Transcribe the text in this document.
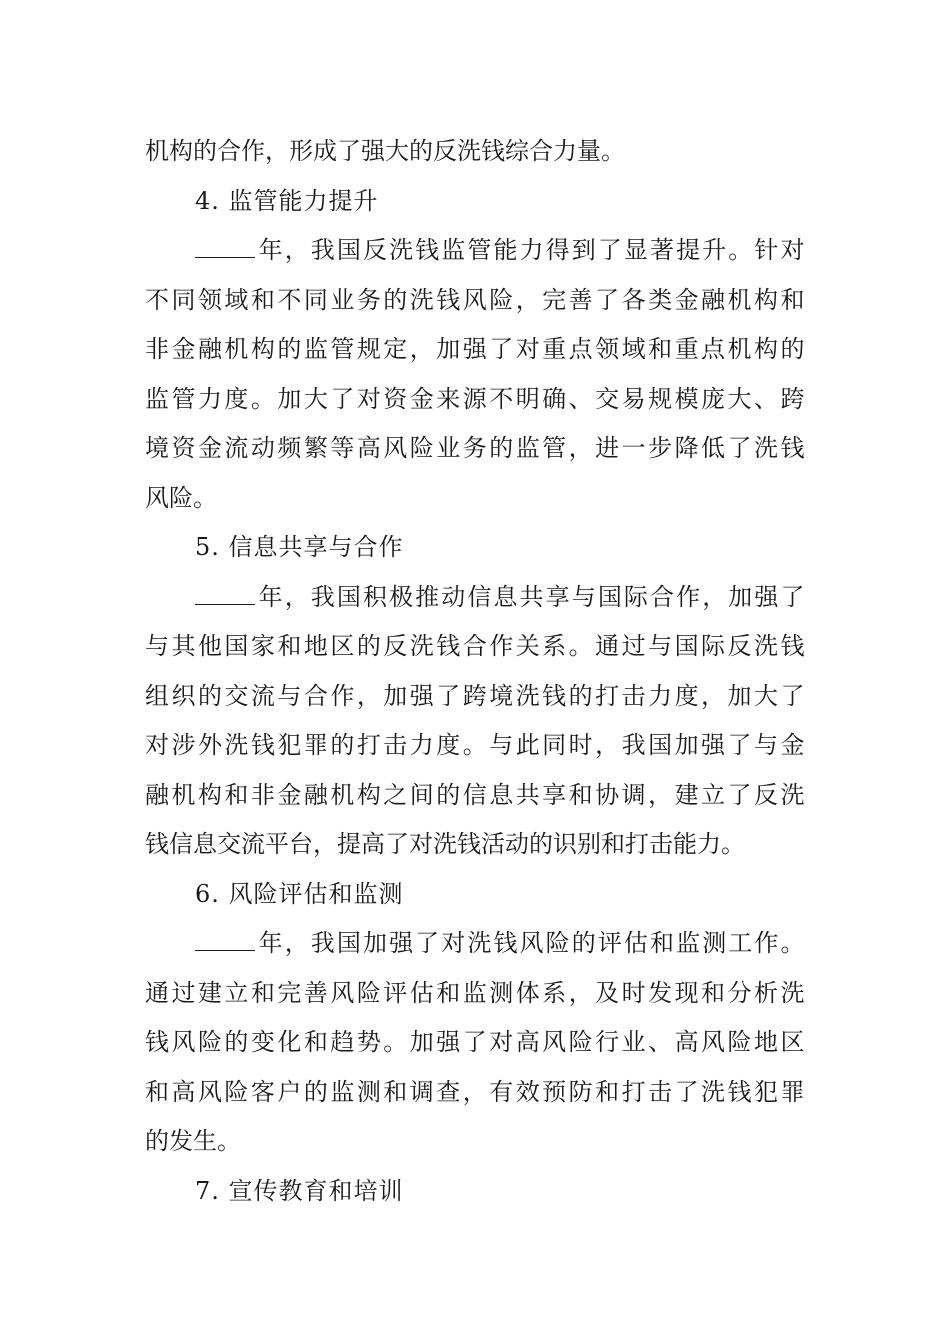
机构的合作，形成了强大的反洗钱综合力量。
4. 监管能力提升
年，我国反洗钱监管能力得到了显著提升。针对
不同领域和不同业务的洗钱风险，完善了各类金融机构和
非金融机构的监管规定，加强了对重点领域和重点机构的
监管力度。加大了对资金来源不明确、交易规模庞大、跨
境资金流动频繁等高风险业务的监管，进一步降低了洗钱
风险。
5. 信息共享与合作
年，我国积极推动信息共享与国际合作，加强了
与其他国家和地区的反洗钱合作关系。通过与国际反洗钱
组织的交流与合作，加强了跨境洗钱的打击力度，加大了
对涉外洗钱犯罪的打击力度。与此同时，我国加强了与金
融机构和非金融机构之间的信息共享和协调，建立了反洗
钱信息交流平台，提高了对洗钱活动的识别和打击能力。
6. 风险评估和监测
年，我国加强了对洗钱风险的评估和监测工作。
通过建立和完善风险评估和监测体系，及时发现和分析洗
钱风险的变化和趋势。加强了对高风险行业、高风险地区
和高风险客户的监测和调查，有效预防和打击了洗钱犯罪
的发生。
7. 宣传教育和培训
